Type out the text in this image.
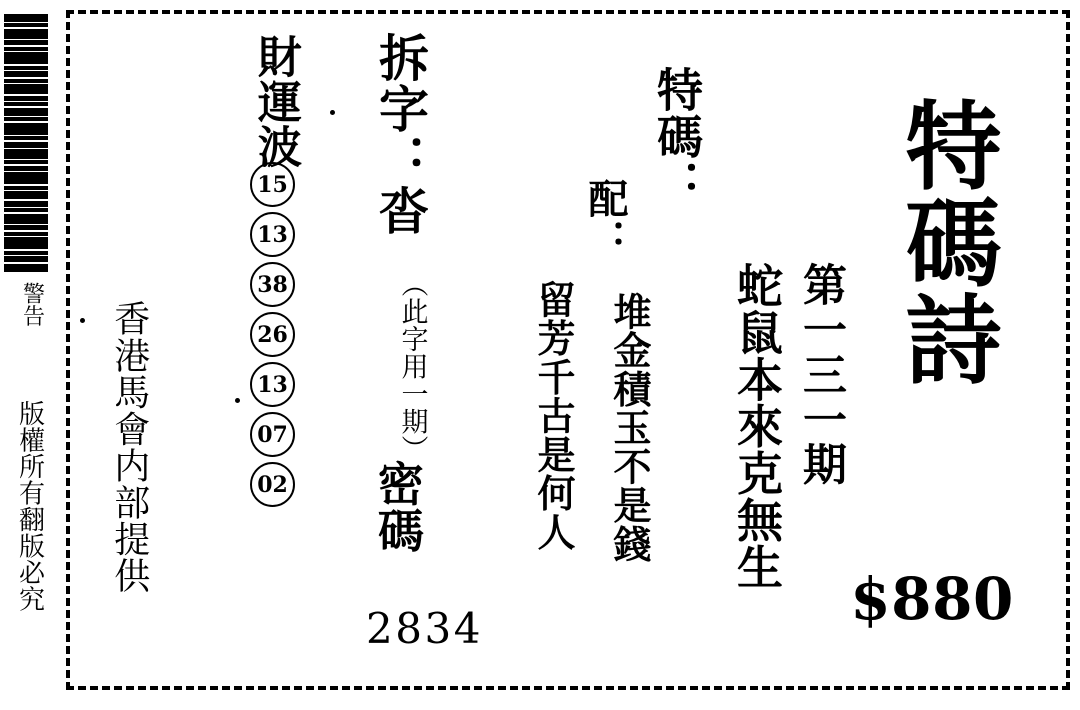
警告
版權所有翻版必究 香港馬會内部提供
財運波
15
13
38
26
13
07
02
拆字：沓
（此字用一期）
密碼
2834
留芳千古是何人 堆金積玉不是錢
配：
蛇鼠本來克無生
特碼：
第一三一期 特碼詩
$880
